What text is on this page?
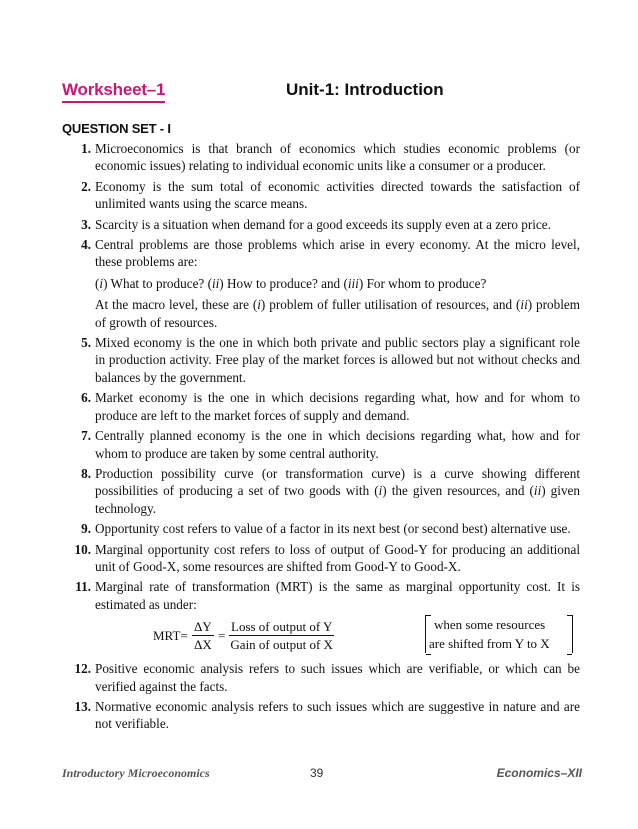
Worksheet–1	Unit-1: Introduction
QUESTION SET - I
1. Microeconomics is that branch of economics which studies economic problems (or economic issues) relating to individual economic units like a consumer or a producer.
2. Economy is the sum total of economic activities directed towards the satisfaction of unlimited wants using the scarce means.
3. Scarcity is a situation when demand for a good exceeds its supply even at a zero price.
4. Central problems are those problems which arise in every economy. At the micro level, these problems are:
(i) What to produce? (ii) How to produce? and (iii) For whom to produce?
At the macro level, these are (i) problem of fuller utilisation of resources, and (ii) problem of growth of resources.
5. Mixed economy is the one in which both private and public sectors play a significant role in production activity. Free play of the market forces is allowed but not without checks and balances by the government.
6. Market economy is the one in which decisions regarding what, how and for whom to produce are left to the market forces of supply and demand.
7. Centrally planned economy is the one in which decisions regarding what, how and for whom to produce are taken by some central authority.
8. Production possibility curve (or transformation curve) is a curve showing different possibilities of producing a set of two goods with (i) the given resources, and (ii) given technology.
9. Opportunity cost refers to value of a factor in its next best (or second best) alternative use.
10. Marginal opportunity cost refers to loss of output of Good-Y for producing an additional unit of Good-X, some resources are shifted from Good-Y to Good-X.
11. Marginal rate of transformation (MRT) is the same as marginal opportunity cost. It is estimated as under:
$MRT= \frac{\Delta Y}{\Delta X}$ =
Loss of output of Y
Gain of output of X
when some resources
are shifted from Y to X
12. Positive economic analysis refers to such issues which are verifiable, or which can be verified against the facts.
13. Normative economic analysis refers to such issues which are suggestive in nature and are not verifiable.
Introductory Microeconomics	39	Economics–XII
